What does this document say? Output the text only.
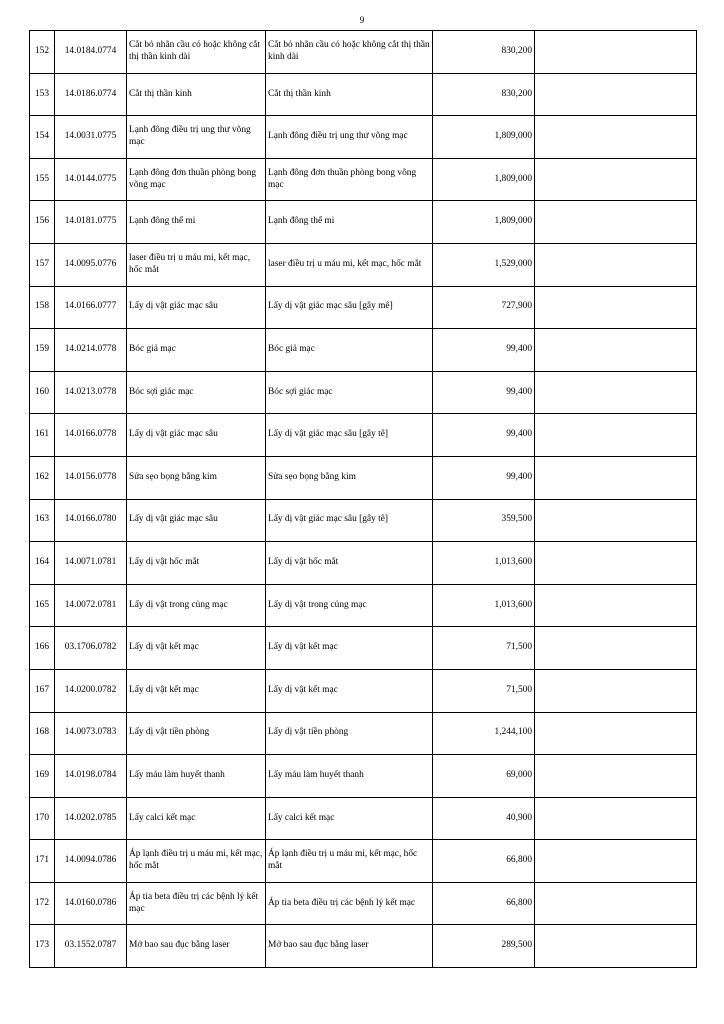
9
152	14.0184.0774	Cắt bỏ nhãn cầu có hoặc không cắt thị thần kinh dài	Cắt bỏ nhãn cầu có hoặc không cắt thị thần kinh dài	830,200	
153	14.0186.0774	Cắt thị thần kinh	Cắt thị thần kinh	830,200	
154	14.0031.0775	Lạnh đông điều trị ung thư võng mạc	Lạnh đông điều trị ung thư võng mạc	1,809,000	
155	14.0144.0775	Lạnh đông đơn thuần phòng bong võng mạc	Lạnh đông đơn thuần phòng bong võng mạc	1,809,000	
156	14.0181.0775	Lạnh đông thể mi	Lạnh đông thể mi	1,809,000	
157	14.0095.0776	laser điều trị u máu mi, kết mạc, hốc mắt	laser điều trị u máu mi, kết mạc, hốc mắt	1,529,000	
158	14.0166.0777	Lấy dị vật giác mạc sâu	Lấy dị vật giác mạc sâu [gây mê]	727,900	
159	14.0214.0778	Bóc giả mạc	Bóc giả mạc	99,400	
160	14.0213.0778	Bóc sợi giác mạc	Bóc sợi giác mạc	99,400	
161	14.0166.0778	Lấy dị vật giác mạc sâu	Lấy dị vật giác mạc sâu [gây tê]	99,400	
162	14.0156.0778	Sửa sẹo bọng bằng kim	Sửa sẹo bọng bằng kim	99,400	
163	14.0166.0780	Lấy dị vật giác mạc sâu	Lấy dị vật giác mạc sâu [gây tê]	359,500	
164	14.0071.0781	Lấy dị vật hốc mắt	Lấy dị vật hốc mắt	1,013,600	
165	14.0072.0781	Lấy dị vật trong củng mạc	Lấy dị vật trong củng mạc	1,013,600	
166	03.1706.0782	Lấy dị vật kết mạc	Lấy dị vật kết mạc	71,500	
167	14.0200.0782	Lấy dị vật kết mạc	Lấy dị vật kết mạc	71,500	
168	14.0073.0783	Lấy dị vật tiền phòng	Lấy dị vật tiền phòng	1,244,100	
169	14.0198.0784	Lấy máu làm huyết thanh	Lấy máu làm huyết thanh	69,000	
170	14.0202.0785	Lấy calci kết mạc	Lấy calci kết mạc	40,900	
171	14.0094.0786	Áp lạnh điều trị u máu mi, kết mạc, hốc mắt	Áp lạnh điều trị u máu mi, kết mạc, hốc mắt	66,800	
172	14.0160.0786	Áp tia beta điều trị các bệnh lý kết mạc	Áp tia beta điều trị các bệnh lý kết mạc	66,800	
173	03.1552.0787	Mở bao sau đục bằng laser	Mở bao sau đục bằng laser	289,500	
